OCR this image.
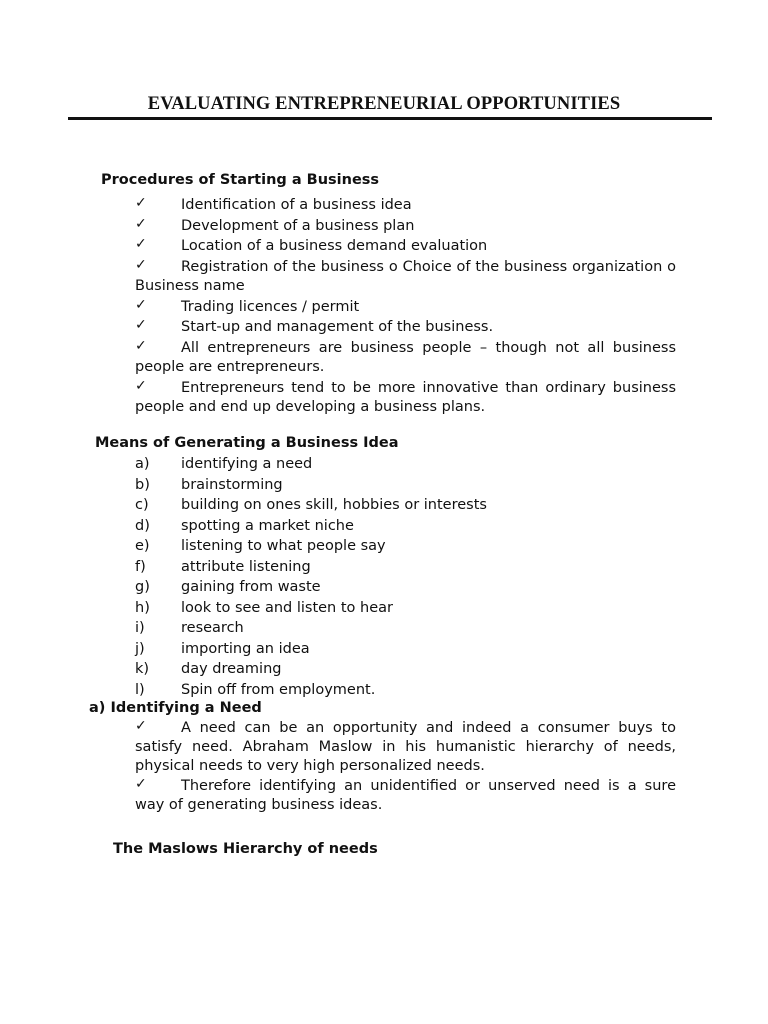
EVALUATING ENTREPRENEURIAL OPPORTUNITIES
Procedures of Starting a Business
✓	Identification of a business idea
✓	Development of a business plan
✓	Location of a business demand evaluation
✓	Registration of the business o Choice of the business organization o Business name
✓	Trading licences / permit
✓	Start-up and management of the business.
✓	All entrepreneurs are business people – though not all business people are entrepreneurs.
✓	Entrepreneurs tend to be more innovative than ordinary business people and end up developing a business plans.
Means of Generating a Business Idea
a)	identifying a need
b)	brainstorming
c)	building on ones skill, hobbies or interests
d)	spotting a market niche
e)	listening to what people say
f)	attribute listening
g)	gaining from waste
h)	look to see and listen to hear
i)	research
j)	importing an idea
k)	day dreaming
l)	Spin off from employment.
a) Identifying a Need
✓	A need can be an opportunity and indeed a consumer buys to satisfy need. Abraham Maslow in his humanistic hierarchy of needs, physical needs to very high personalized needs.
✓	Therefore identifying an unidentified or unserved need is a sure way of generating business ideas.
The Maslows Hierarchy of needs
